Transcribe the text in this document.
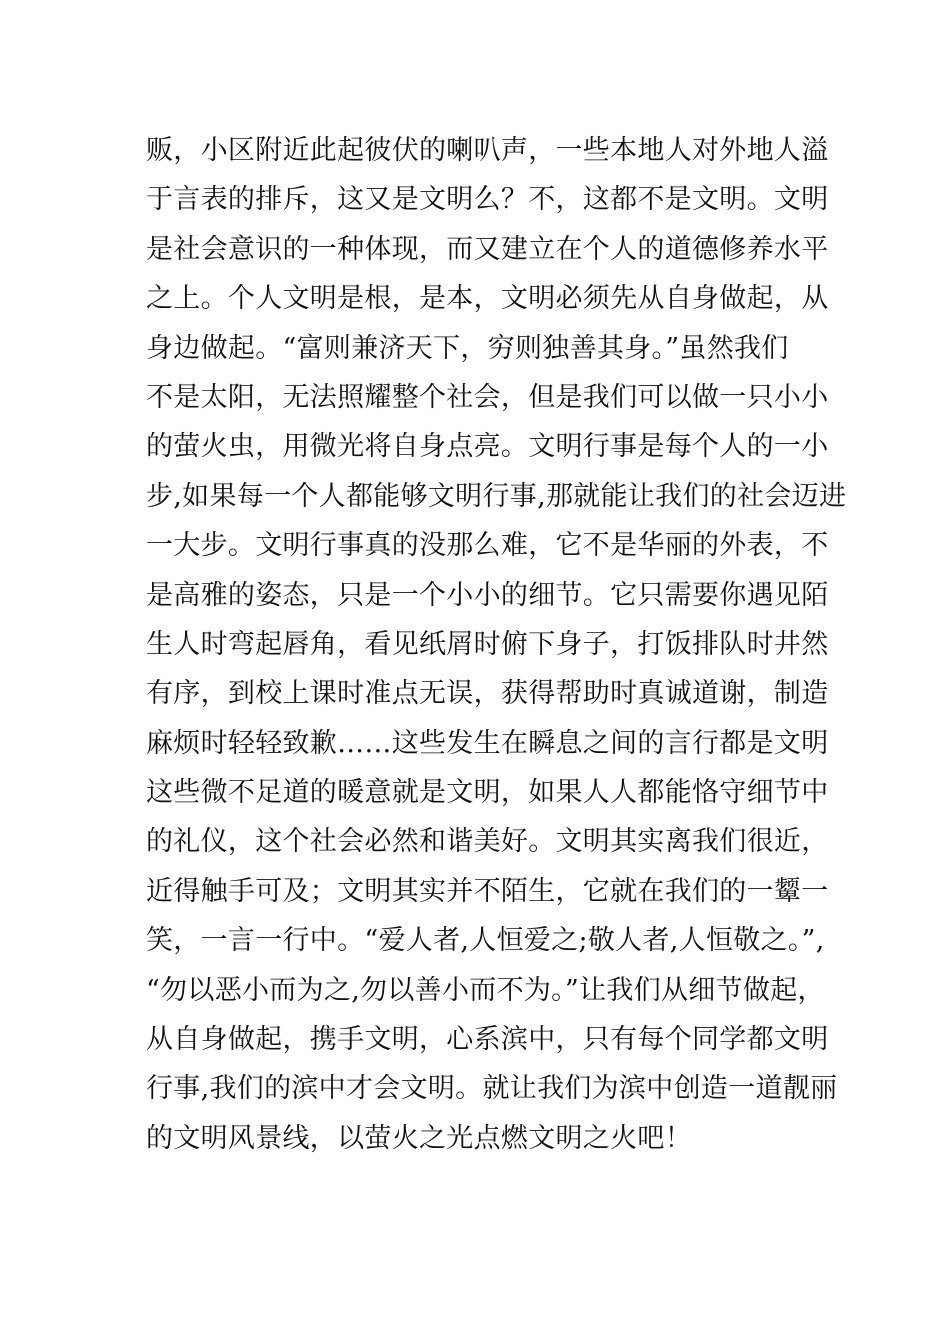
贩，小区附近此起彼伏的喇叭声，一些本地人对外地人溢
于言表的排斥，这又是文明么？不，这都不是文明。文明
是社会意识的一种体现，而又建立在个人的道德修养水平
之上。个人文明是根，是本，文明必须先从自身做起，从
身边做起。“富则兼济天下，穷则独善其身。”虽然我们
不是太阳，无法照耀整个社会，但是我们可以做一只小小
的萤火虫，用微光将自身点亮。文明行事是每个人的一小
步,如果每一个人都能够文明行事,那就能让我们的社会迈进
一大步。文明行事真的没那么难，它不是华丽的外表，不
是高雅的姿态，只是一个小小的细节。它只需要你遇见陌
生人时弯起唇角，看见纸屑时俯下身子，打饭排队时井然
有序，到校上课时准点无误，获得帮助时真诚道谢，制造
麻烦时轻轻致歉……这些发生在瞬息之间的言行都是文明
这些微不足道的暖意就是文明，如果人人都能恪守细节中
的礼仪，这个社会必然和谐美好。文明其实离我们很近，
近得触手可及；文明其实并不陌生，它就在我们的一颦一
笑，一言一行中。“爱人者,人恒爱之;敬人者,人恒敬之。”,
“勿以恶小而为之,勿以善小而不为。”让我们从细节做起，
从自身做起，携手文明，心系滨中，只有每个同学都文明
行事,我们的滨中才会文明。就让我们为滨中创造一道靓丽
的文明风景线，以萤火之光点燃文明之火吧！
